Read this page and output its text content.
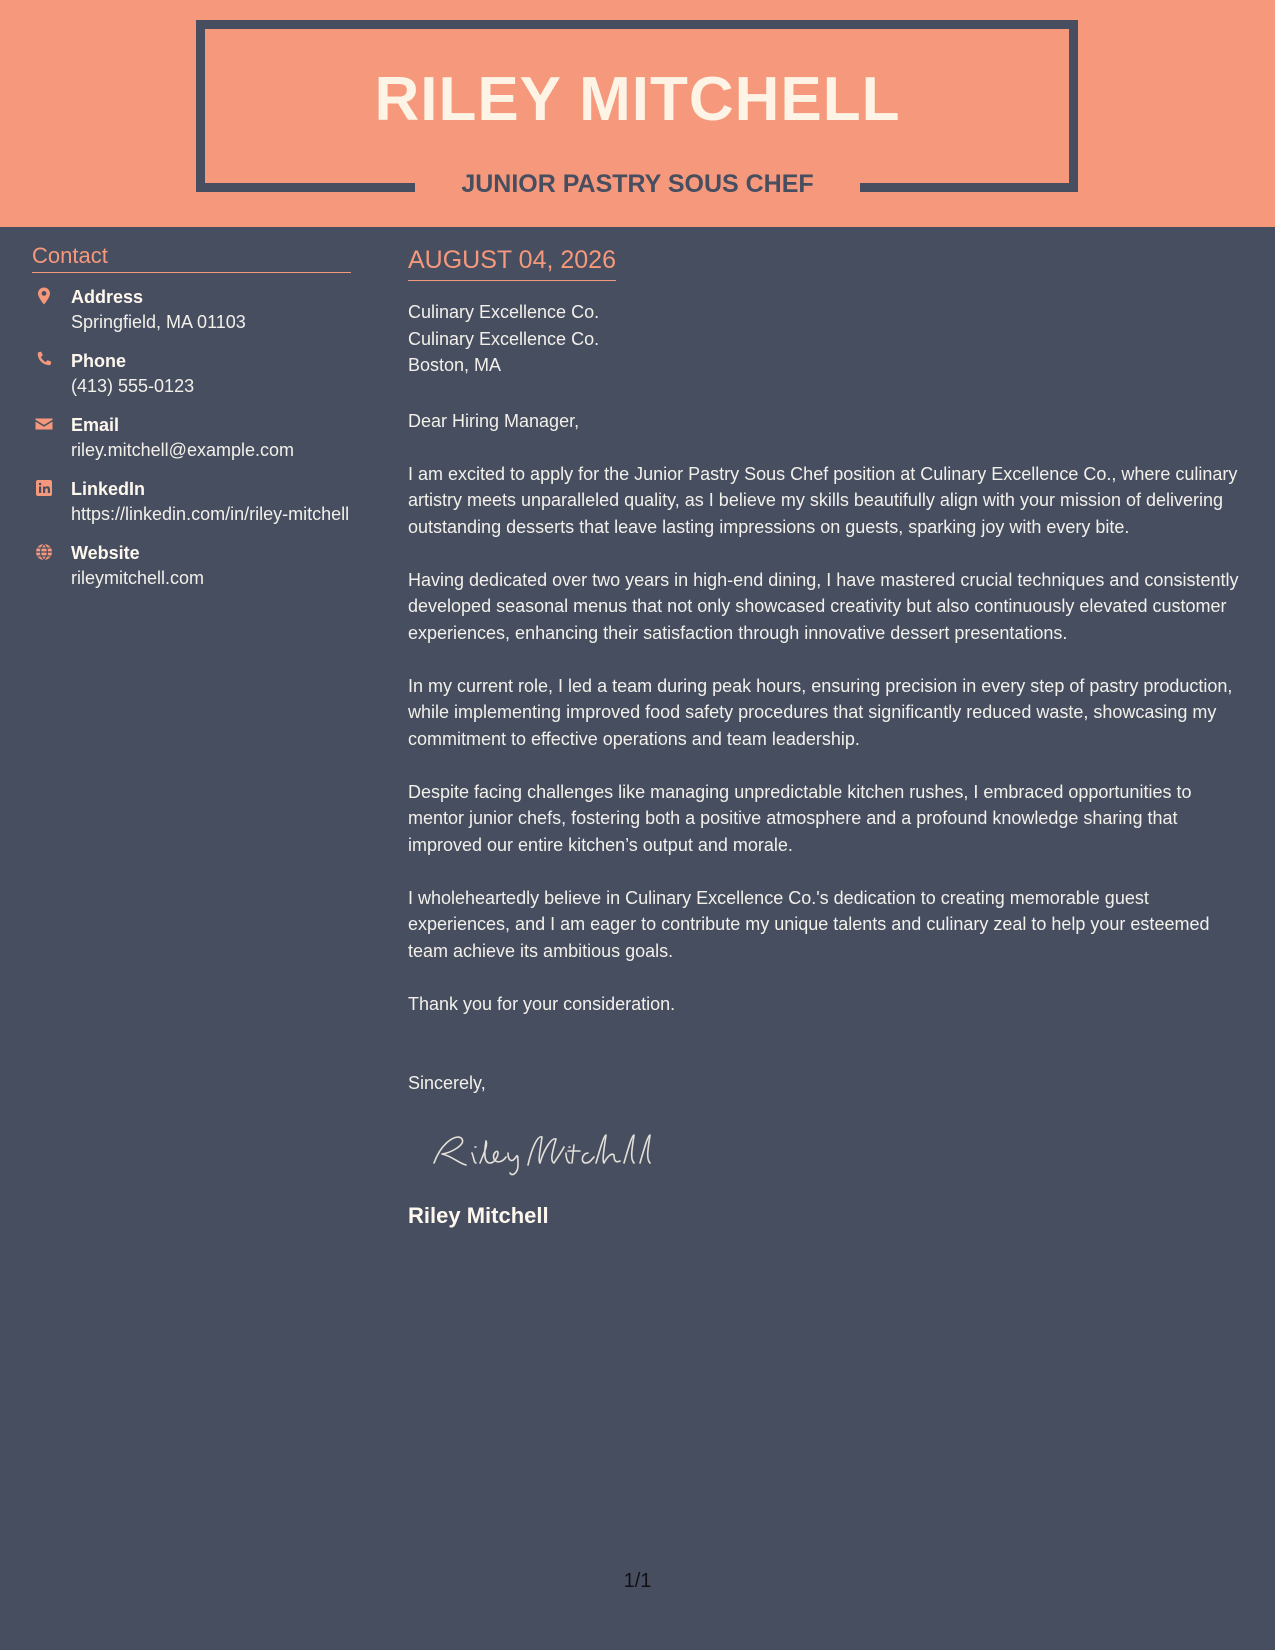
RILEY MITCHELL
JUNIOR PASTRY SOUS CHEF
Contact
Address
Springfield, MA 01103
Phone
(413) 555-0123
Email
riley.mitchell@example.com
LinkedIn
https://linkedin.com/in/riley-mitchell
Website
rileymitchell.com
AUGUST 04, 2026
Culinary Excellence Co.
Culinary Excellence Co.
Boston, MA
Dear Hiring Manager,
I am excited to apply for the Junior Pastry Sous Chef position at Culinary Excellence Co., where culinary artistry meets unparalleled quality, as I believe my skills beautifully align with your mission of delivering outstanding desserts that leave lasting impressions on guests, sparking joy with every bite.
Having dedicated over two years in high-end dining, I have mastered crucial techniques and consistently developed seasonal menus that not only showcased creativity but also continuously elevated customer experiences, enhancing their satisfaction through innovative dessert presentations.
In my current role, I led a team during peak hours, ensuring precision in every step of pastry production, while implementing improved food safety procedures that significantly reduced waste, showcasing my commitment to effective operations and team leadership.
Despite facing challenges like managing unpredictable kitchen rushes, I embraced opportunities to mentor junior chefs, fostering both a positive atmosphere and a profound knowledge sharing that improved our entire kitchen’s output and morale.
I wholeheartedly believe in Culinary Excellence Co.'s dedication to creating memorable guest experiences, and I am eager to contribute my unique talents and culinary zeal to help your esteemed team achieve its ambitious goals.
Thank you for your consideration.
Sincerely,
Riley Mitchell
1/1
